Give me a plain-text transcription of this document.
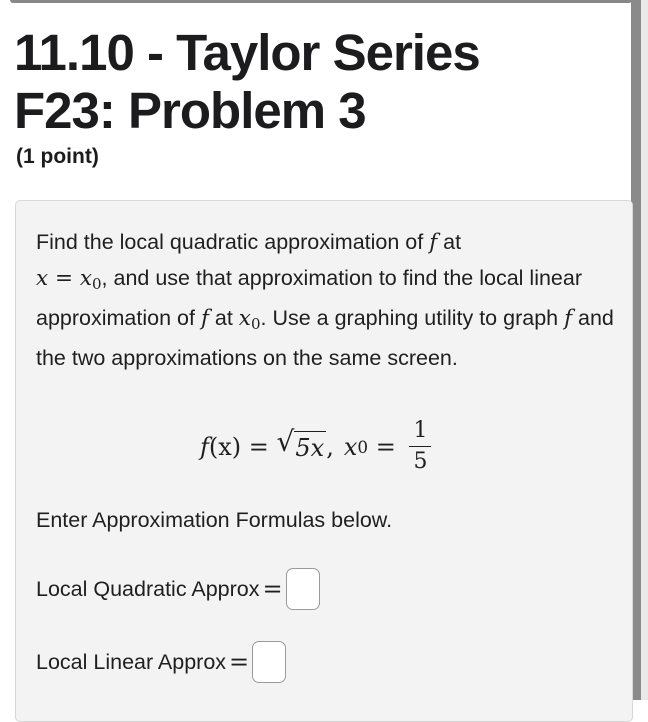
11.10 - Taylor Series
F23: Problem 3
(1 point)
Find the local quadratic approximation of f at
$x = x_0$, and use that approximation to find the local linear approximation of f at $x_0$. Use a graphing utility to graph f and the two approximations on the same screen.
f (x) = √ 5x , x $0 = \frac{1}{5}$
Enter Approximation Formulas below.
Local Quadratic Approx =
Local Linear Approx =
